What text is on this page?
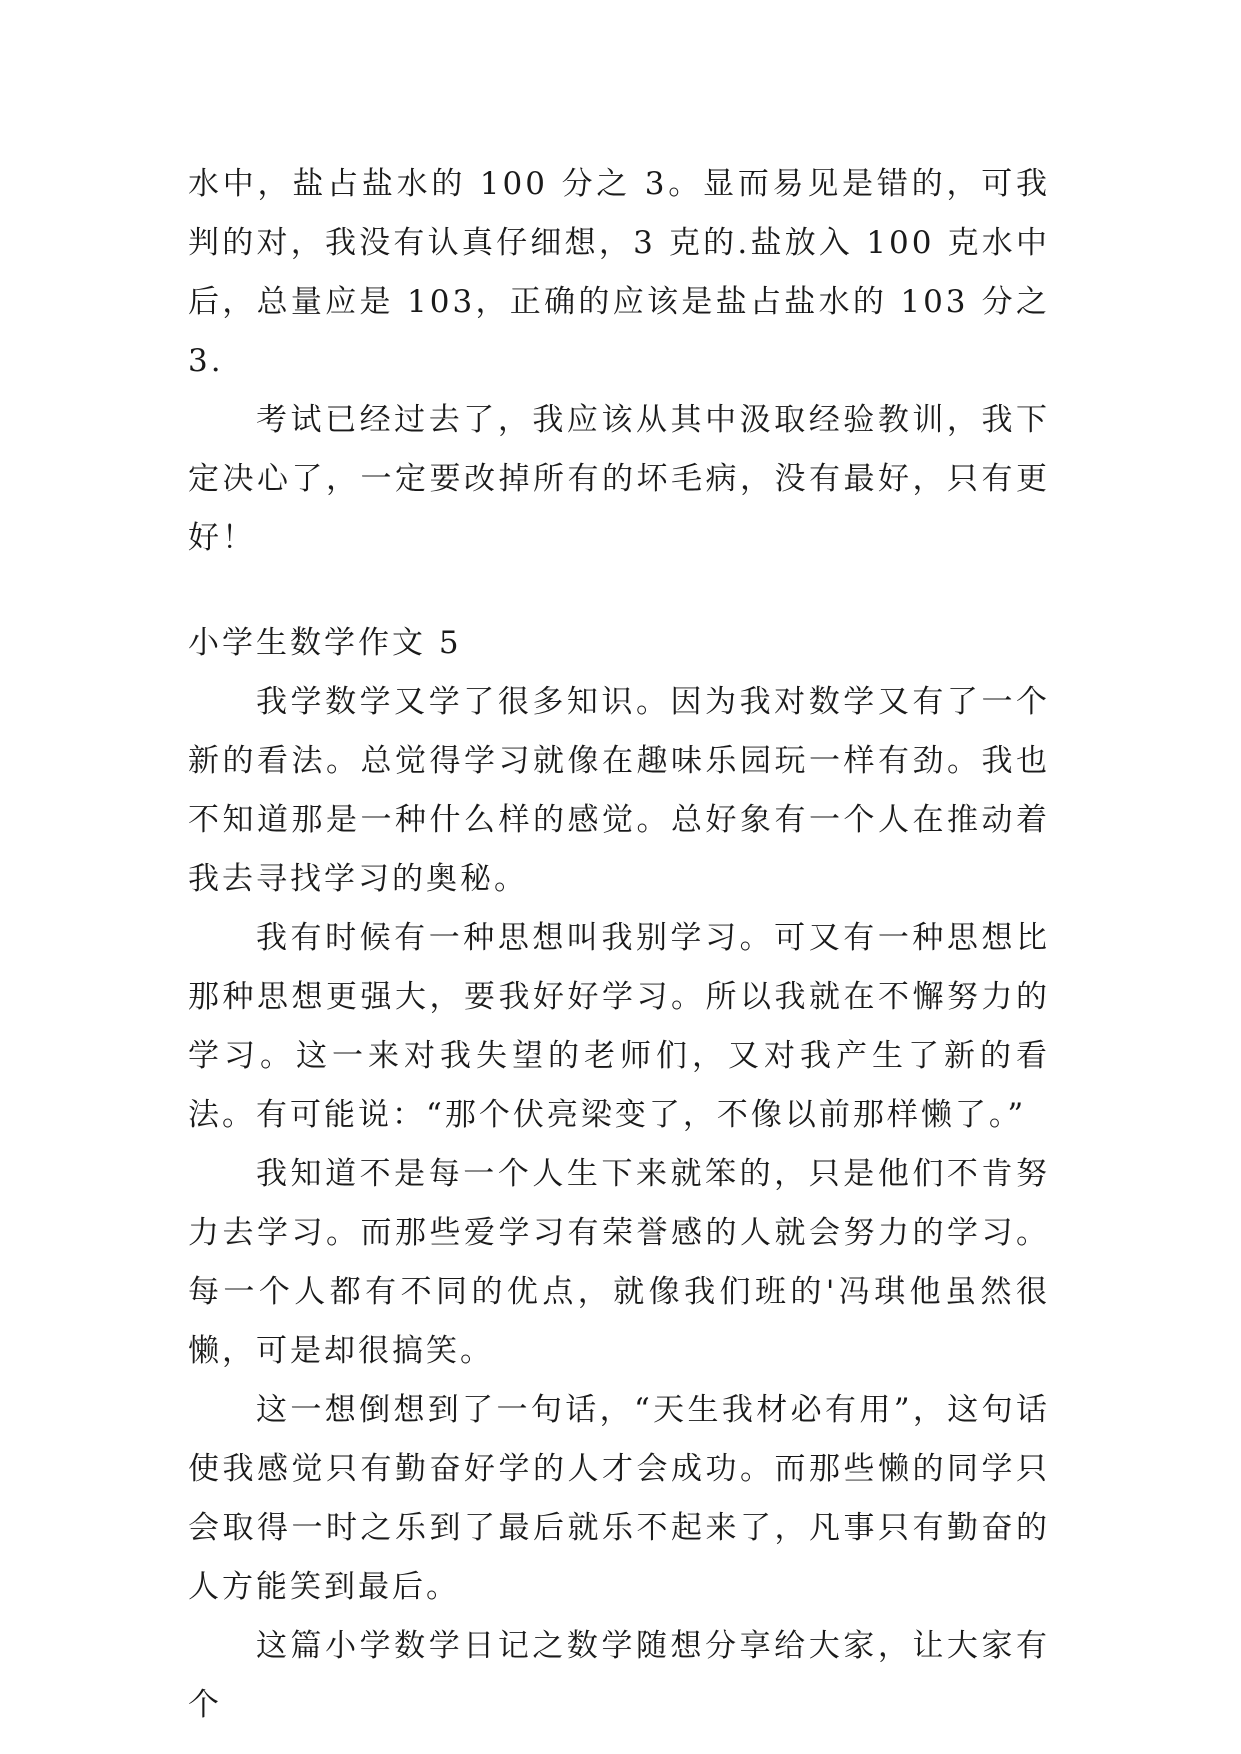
水中，盐占盐水的 100 分之 3。显而易见是错的，可我判的对，我没有认真仔细想，3 克的.盐放入 100 克水中后，总量应是 103，正确的应该是盐占盐水的 103 分之 3.

考试已经过去了，我应该从其中汲取经验教训，我下定决心了，一定要改掉所有的坏毛病，没有最好，只有更好！

小学生数学作文 5

我学数学又学了很多知识。因为我对数学又有了一个新的看法。总觉得学习就像在趣味乐园玩一样有劲。我也不知道那是一种什么样的感觉。总好象有一个人在推动着我去寻找学习的奥秘。

我有时候有一种思想叫我别学习。可又有一种思想比那种思想更强大，要我好好学习。所以我就在不懈努力的学习。这一来对我失望的老师们，又对我产生了新的看法。有可能说：“那个伏亮梁变了，不像以前那样懒了。”

我知道不是每一个人生下来就笨的，只是他们不肯努力去学习。而那些爱学习有荣誉感的人就会努力的学习。每一个人都有不同的优点，就像我们班的'冯琪他虽然很懒，可是却很搞笑。

这一想倒想到了一句话，“天生我材必有用”，这句话使我感觉只有勤奋好学的人才会成功。而那些懒的同学只会取得一时之乐到了最后就乐不起来了，凡事只有勤奋的人方能笑到最后。

这篇小学数学日记之数学随想分享给大家，让大家有个
